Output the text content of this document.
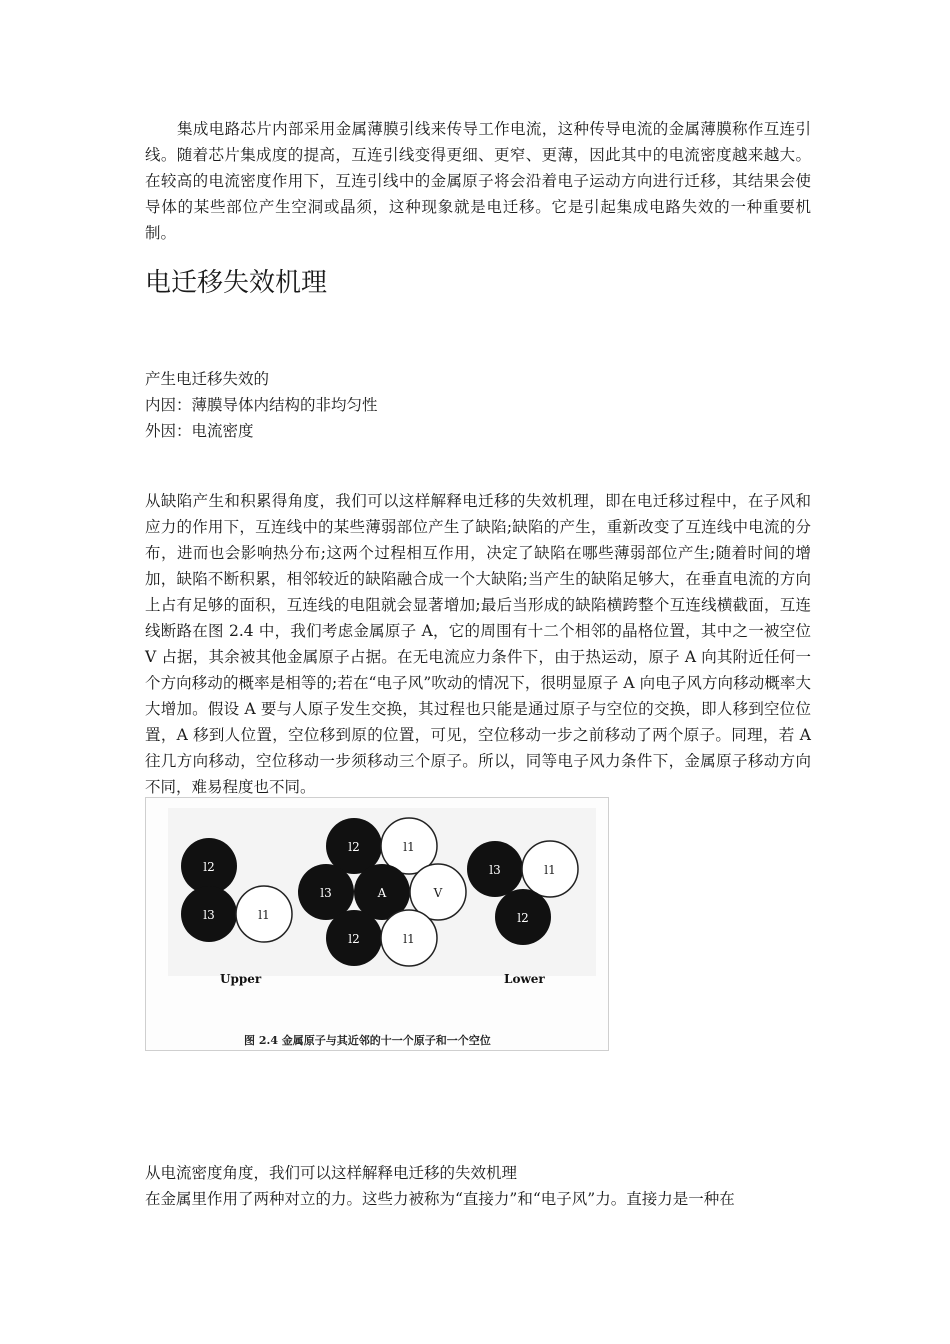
集成电路芯片内部采用金属薄膜引线来传导工作电流，这种传导电流的金属薄膜称作互连引线。随着芯片集成度的提高，互连引线变得更细、更窄、更薄，因此其中的电流密度越来越大。在较高的电流密度作用下，互连引线中的金属原子将会沿着电子运动方向进行迁移，其结果会使导体的某些部位产生空洞或晶须，这种现象就是电迁移。它是引起集成电路失效的一种重要机制。

电迁移失效机理

产生电迁移失效的

内因：薄膜导体内结构的非均匀性

外因：电流密度

从缺陷产生和积累得角度，我们可以这样解释电迁移的失效机理，即在电迁移过程中，在子风和应力的作用下，互连线中的某些薄弱部位产生了缺陷;缺陷的产生，重新改变了互连线中电流的分布，进而也会影响热分布;这两个过程相互作用，决定了缺陷在哪些薄弱部位产生;随着时间的增加，缺陷不断积累，相邻较近的缺陷融合成一个大缺陷;当产生的缺陷足够大，在垂直电流的方向上占有足够的面积，互连线的电阻就会显著增加;最后当形成的缺陷横跨整个互连线横截面，互连线断路在图 2.4 中，我们考虑金属原子 A，它的周围有十二个相邻的晶格位置，其中之一被空位 V 占据，其余被其他金属原子占据。在无电流应力条件下，由于热运动，原子 A 向其附近任何一个方向移动的概率是相等的;若在“电子风”吹动的情况下，很明显原子 A 向电子风方向移动概率大大增加。假设 A 要与人原子发生交换，其过程也只能是通过原子与空位的交换，即人移到空位位置，A 移到人位置，空位移到原的位置，可见，空位移动一步之前移动了两个原子。同理，若 A 往几方向移动，空位移动一步须移动三个原子。所以，同等电子风力条件下，金属原子移动方向不同，难易程度也不同。

l2
l3	l1
l2	l1
l3	A	V
l2	l1
l3	l1
l2
Upper	Lower
图 2.4 金属原子与其近邻的十一个原子和一个空位

从电流密度角度，我们可以这样解释电迁移的失效机理

在金属里作用了两种对立的力。这些力被称为“直接力”和“电子风”力。直接力是一种在
